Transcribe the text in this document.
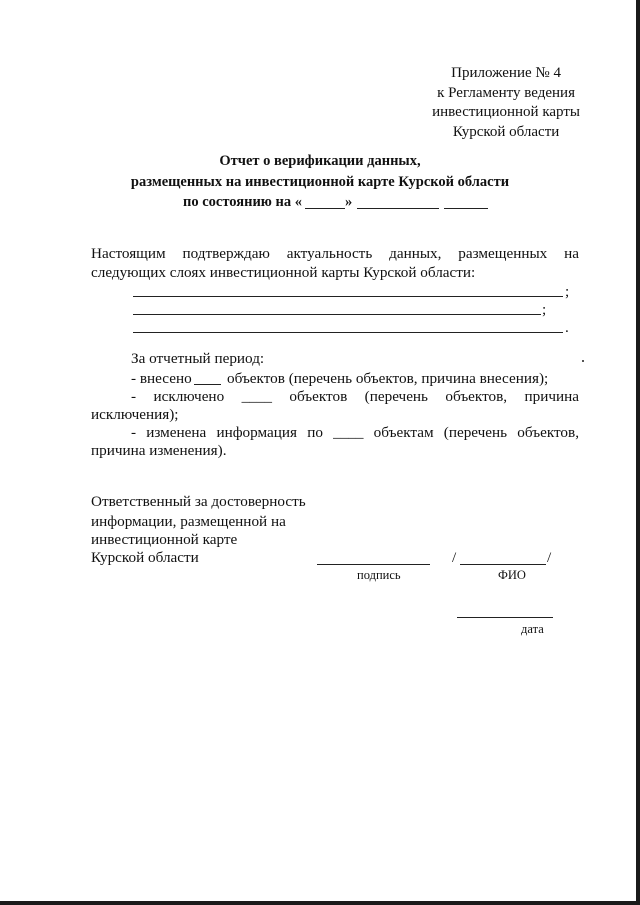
Приложение № 4
к Регламенту ведения
инвестиционной карты
Курской области
Отчет о верификации данных,
размещенных на инвестиционной карте Курской области
по состоянию на «	»
Настоящим подтверждаю актуальность данных, размещенных на
следующих слоях инвестиционной карты Курской области:
;
;
.
За отчетный период:
- внесено объектов (перечень объектов, причина внесения);
- исключено ____ объектов (перечень объектов, причина
исключения);
- изменена информация по ____ объектам (перечень объектов,
причина изменения).
Ответственный за достоверность
информации, размещенной на
инвестиционной карте
Курской области	/	/
подпись	ФИО
дата
